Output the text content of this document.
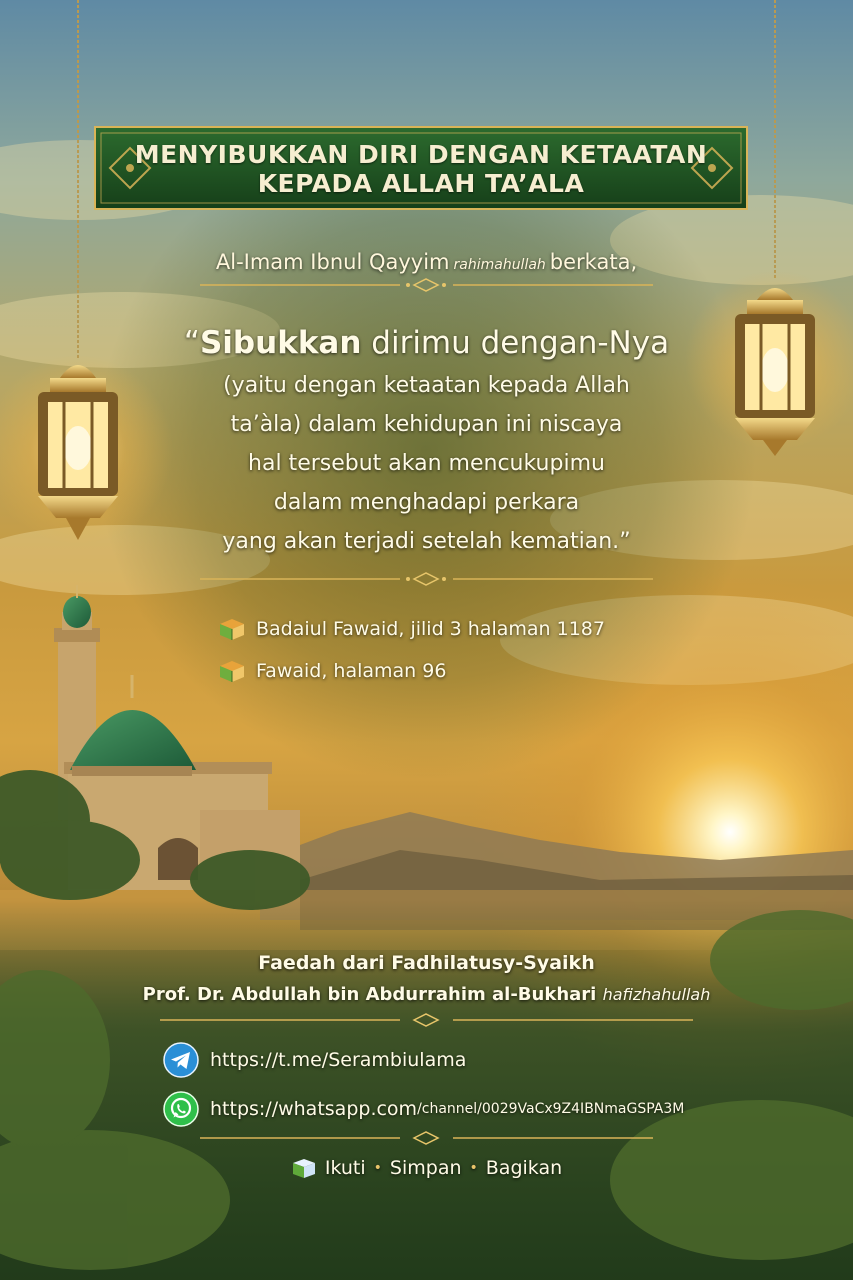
MENYIBUKKAN DIRI DENGAN KETAATAN
KEPADA ALLAH TA’ALA
Al-Imam Ibnul Qayyim rahimahullah berkata,
“Sibukkan dirimu dengan-Nya
(yaitu dengan ketaatan kepada Allah
ta’àla) dalam kehidupan ini niscaya
hal tersebut akan mencukupimu
dalam menghadapi perkara
yang akan terjadi setelah kematian.”
Badaiul Fawaid, jilid 3 halaman 1187
Fawaid, halaman 96
Faedah dari Fadhilatusy-Syaikh
Prof. Dr. Abdullah bin Abdurrahim al-Bukhari hafizhahullah
https://t.me/Serambiulama
https://whatsapp.com /channel/0029VaCx9Z4IBNmaGSPA3M
Ikuti • Simpan • Bagikan
